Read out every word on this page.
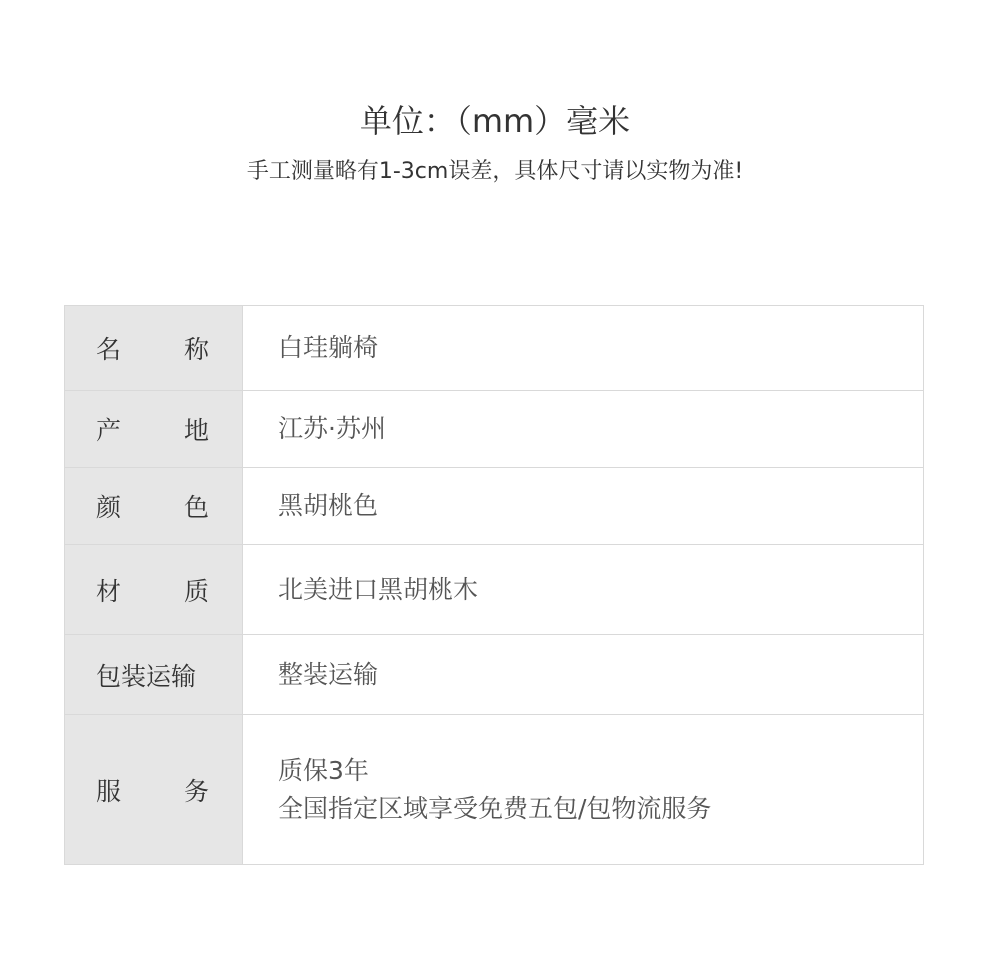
单位：（mm）毫米
手工测量略有1-3cm误差，具体尺寸请以实物为准!
名 称	白珪躺椅

产 地	江苏·苏州

颜 色	黑胡桃色

材 质	北美进口黑胡桃木

包装运输	整装运输

服 务	质保3年
全国指定区域享受免费五包/包物流服务
